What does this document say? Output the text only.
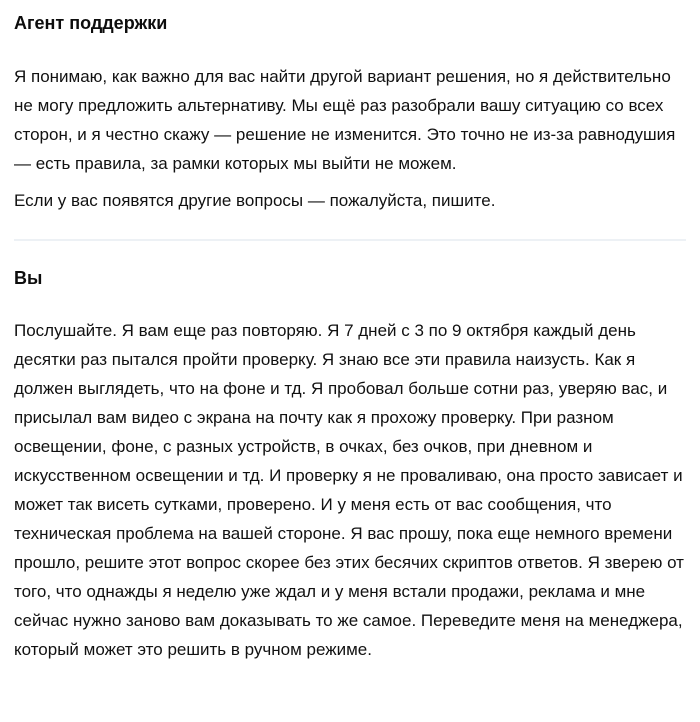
Агент поддержки

Я понимаю, как важно для вас найти другой вариант решения, но я действительно не могу предложить альтернативу. Мы ещё раз разобрали вашу ситуацию со всех сторон, и я честно скажу — решение не изменится. Это точно не из-за равнодушия — есть правила, за рамки которых мы выйти не можем.

Если у вас появятся другие вопросы — пожалуйста, пишите.

Вы

Послушайте. Я вам еще раз повторяю. Я 7 дней с 3 по 9 октября каждый день десятки раз пытался пройти проверку. Я знаю все эти правила наизусть. Как я должен выглядеть, что на фоне и тд. Я пробовал больше сотни раз, уверяю вас, и присылал вам видео с экрана на почту как я прохожу проверку. При разном освещении, фоне, с разных устройств, в очках, без очков, при дневном и искусственном освещении и тд. И проверку я не проваливаю, она просто зависает и может так висеть сутками, проверено. И у меня есть от вас сообщения, что техническая проблема на вашей стороне. Я вас прошу, пока еще немного времени прошло, решите этот вопрос скорее без этих бесячих скриптов ответов. Я зверею от того, что однажды я неделю уже ждал и у меня встали продажи, реклама и мне сейчас нужно заново вам доказывать то же самое. Переведите меня на менеджера, который может это решить в ручном режиме.
